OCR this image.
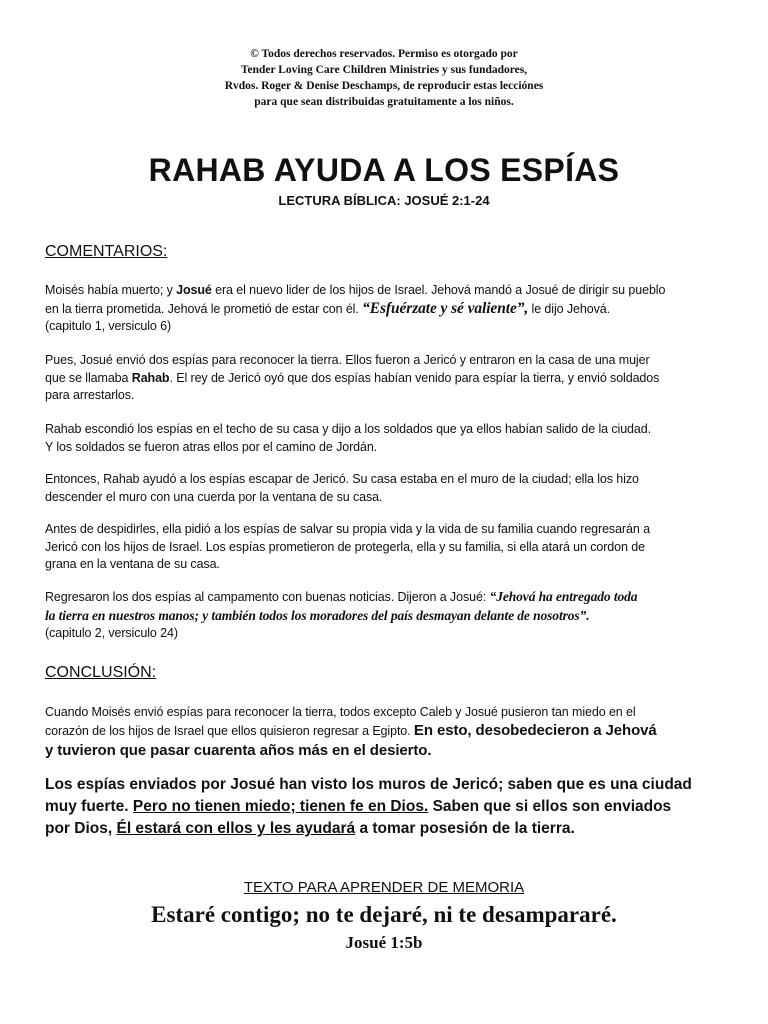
© Todos derechos reservados. Permiso es otorgado por
Tender Loving Care Children Ministries y sus fundadores,
Rvdos. Roger & Denise Deschamps, de reproducir estas lecciónes
para que sean distribuidas gratuitamente a los niños.
RAHAB AYUDA A LOS ESPÍAS
LECTURA BÍBLICA: JOSUÉ 2:1-24
COMENTARIOS:
Moisés había muerto; y Josué era el nuevo lider de los hijos de Israel. Jehová mandó a Josué de dirigir su pueblo
en la tierra prometida. Jehová le prometió de estar con él. “Esfuérzate y sé valiente”, le dijo Jehová.
(capitulo 1, versiculo 6)
Pues, Josué envió dos espías para reconocer la tierra. Ellos fueron a Jericó y entraron en la casa de una mujer
que se llamaba Rahab. El rey de Jericó oyó que dos espías habían venido para espíar la tierra, y envió soldados
para arrestarlos.
Rahab escondió los espías en el techo de su casa y dijo a los soldados que ya ellos habían salido de la ciudad.
Y los soldados se fueron atras ellos por el camino de Jordán.
Entonces, Rahab ayudó a los espías escapar de Jericó. Su casa estaba en el muro de la ciudad; ella los hizo
descender el muro con una cuerda por la ventana de su casa.
Antes de despidirles, ella pidió a los espías de salvar su propia vida y la vida de su familia cuando regresarán a
Jericó con los hijos de Israel. Los espías prometieron de protegerla, ella y su familia, si ella atará un cordon de
grana en la ventana de su casa.
Regresaron los dos espías al campamento con buenas noticias. Dijeron a Josué: “Jehová ha entregado toda
la tierra en nuestros manos; y también todos los moradores del país desmayan delante de nosotros”.
(capitulo 2, versiculo 24)
CONCLUSIÓN:
Cuando Moisés envió espías para reconocer la tierra, todos excepto Caleb y Josué pusieron tan miedo en el
corazón de los hijos de Israel que ellos quisieron regresar a Egipto. En esto, desobedecieron a Jehová
y tuvieron que pasar cuarenta años más en el desierto.
Los espías enviados por Josué han visto los muros de Jericó; saben que es una ciudad
muy fuerte. Pero no tienen miedo; tienen fe en Dios. Saben que si ellos son enviados
por Dios, Él estará con ellos y les ayudará a tomar posesión de la tierra.
TEXTO PARA APRENDER DE MEMORIA
Estaré contigo; no te dejaré, ni te desampararé.
Josué 1:5b
